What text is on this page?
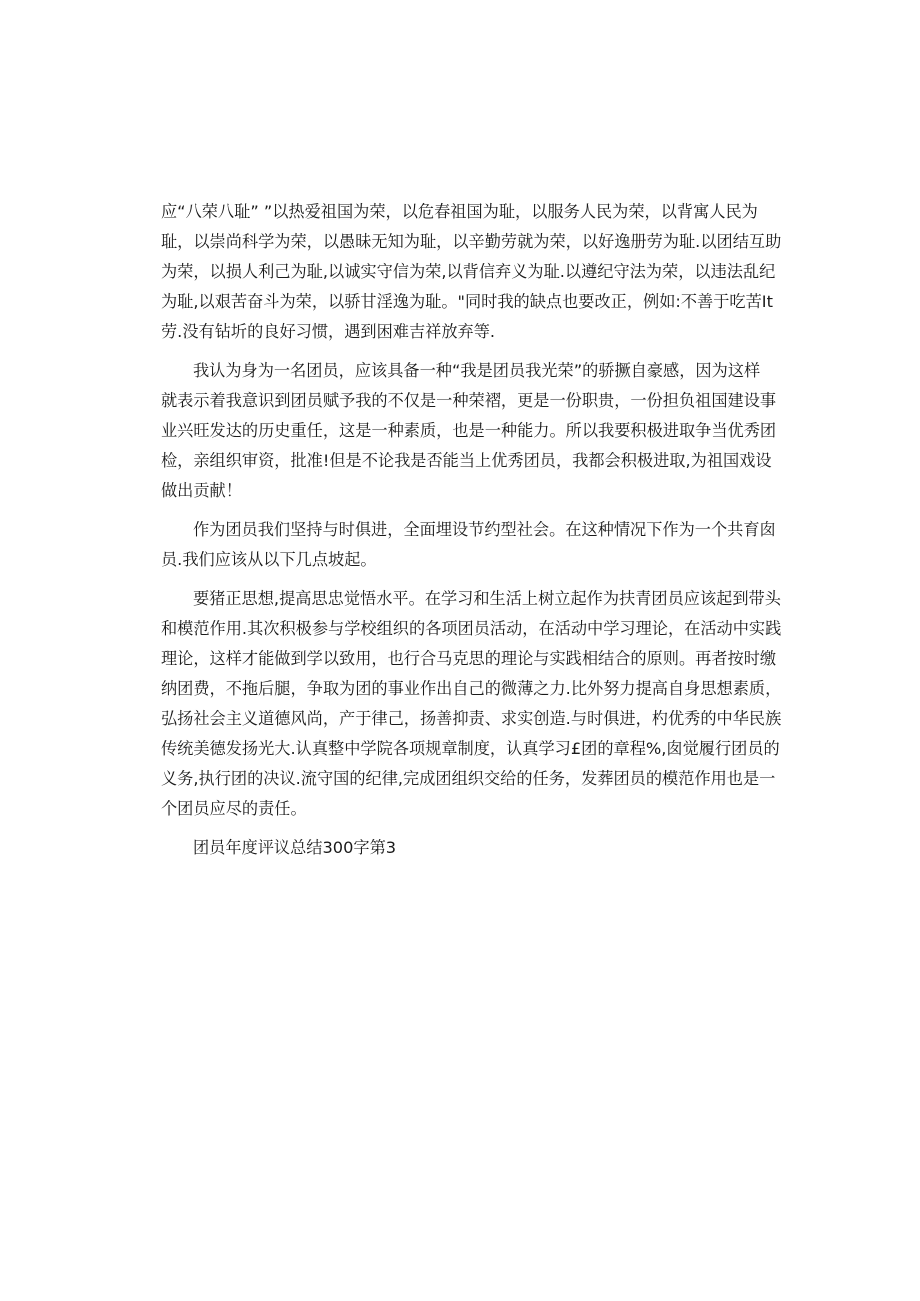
应“八荣八耻” ”以热爱祖国为荣，以危春祖国为耻，以服务人民为荣，以背寓人民为
耻，以崇尚科学为荣，以愚昧无知为耻，以辛勤劳就为荣，以好逸册劳为耻.以团结互助
为荣，以损人利己为耻,以诚实守信为荣,以背信弃义为耻.以遵纪守法为荣，以违法乱纪
为耻,以艰苦奋斗为荣，以骄甘淫逸为耻。"同时我的缺点也要改正，例如:不善于吃苦It
劳.没有钻圻的良好习惯，遇到困难吉祥放弃等.
我认为身为一名团员，应该具备一种“我是团员我光荣”的骄撅自豪感，因为这样
就表示着我意识到团员赋予我的不仅是一种荣褶，更是一份职贵，一份担负祖国建设事
业兴旺发达的历史重任，这是一种素质，也是一种能力。所以我要积极进取争当优秀团
检，亲组织审资，批准!但是不论我是否能当上优秀团员，我都会积极进取,为祖国戏设
做出贡献！
作为团员我们坚持与时俱进，全面埋设节约型社会。在这种情况下作为一个共育囱
员.我们应该从以下几点坡起。
要猪正思想,提高思忠觉悟水平。在学习和生活上树立起作为扶青团员应该起到带头
和模范作用.其次积极参与学校组织的各项团员活动，在活动中学习理论，在活动中实践
理论，这样才能做到学以致用，也行合马克思的理论与实践相结合的原则。再者按时缴
纳团费，不拖后腿，争取为团的事业作出自己的微薄之力.比外努力提高自身思想素质，
弘扬社会主义道德风尚，产于律己，扬善抑责、求实创造.与时俱进，杓优秀的中华民族
传统美德发扬光大.认真整中学院各项规章制度，认真学习£团的章程%,囱觉履行团员的
义务,执行团的决议.流守国的纪律,完成团组织交给的任务，发葬团员的模范作用也是一
个团员应尽的责任。
团员年度评议总结300字第3
